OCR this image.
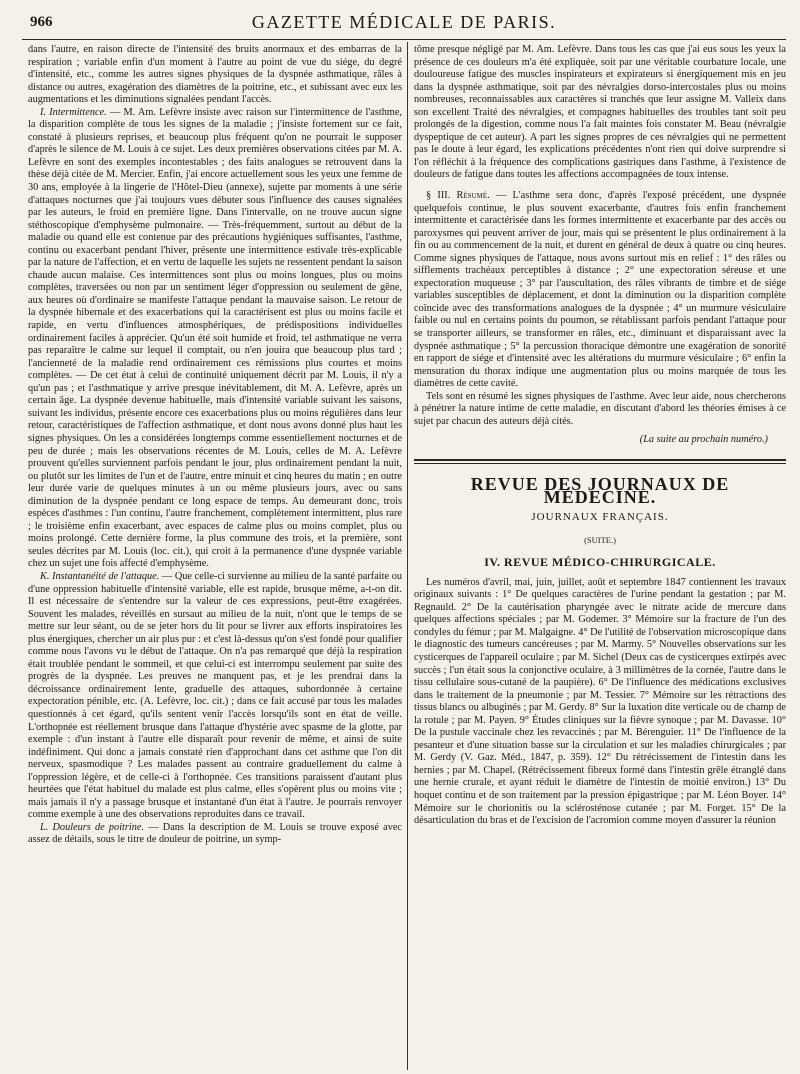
966	GAZETTE MÉDICALE DE PARIS.

dans l'autre, en raison directe de l'intensité des bruits anormaux et des embarras de la respiration ; variable enfin d'un moment à l'autre au point de vue du siége, du degré d'intensité, etc., comme les autres signes physiques de la dyspnée asthmatique, râles à distance ou autres, exagération des diamètres de la poitrine, etc., et subissant avec eux les augmentations et les diminutions signalées pendant l'accès.

I. Intermittence. — M. Am. Lefèvre insiste avec raison sur l'intermittence de l'asthme, la disparition complète de tous les signes de la maladie ; j'insiste fortement sur ce fait, constaté à plusieurs reprises, et beaucoup plus fréquent qu'on ne pourrait le supposer d'après le silence de M. Louis à ce sujet. Les deux premières observations citées par M. A. Lefèvre en sont des exemples incontestables ; des faits analogues se retrouvent dans la thèse déjà citée de M. Mercier. Enfin, j'ai encore actuellement sous les yeux une femme de 30 ans, employée à la lingerie de l'Hôtel-Dieu (annexe), sujette par moments à une série d'attaques nocturnes que j'ai toujours vues débuter sous l'influence des causes signalées par les auteurs, le froid en première ligne. Dans l'intervalle, on ne trouve aucun signe stéthoscopique d'emphysème pulmonaire. — Très-fréquemment, surtout au début de la maladie ou quand elle est contenue par des précautions hygiéniques suffisantes, l'asthme, continu ou exacerbant pendant l'hiver, présente une intermittence estivale très-explicable par la nature de l'affection, et en vertu de laquelle les sujets ne ressentent pendant la saison chaude aucun malaise. Ces intermittences sont plus ou moins longues, plus ou moins complètes, traversées ou non par un sentiment léger d'oppression ou seulement de gêne, aux heures où d'ordinaire se manifeste l'attaque pendant la mauvaise saison. Le retour de la dyspnée hibernale et des exacerbations qui la caractérisent est plus ou moins facile et rapide, en vertu d'influences atmosphériques, de prédispositions individuelles ordinairement faciles à apprécier. Qu'un été soit humide et froid, tel asthmatique ne verra pas reparaître le calme sur lequel il comptait, ou n'en jouira que beaucoup plus tard ; l'ancienneté de la maladie rend ordinairement ces rémissions plus courtes et moins complètes. — De cet état à celui de continuité uniquement décrit par M. Louis, il n'y a qu'un pas ; et l'asthmatique y arrive presque inévitablement, dit M. A. Lefèvre, après un certain âge. La dyspnée devenue habituelle, mais d'intensité variable suivant les saisons, suivant les individus, présente encore ces exacerbations plus ou moins régulières dans leur retour, caractéristiques de l'affection asthmatique, et dont nous avons donné plus haut les signes physiques. On les a considérées longtemps comme essentiellement nocturnes et de peu de durée ; mais les observations récentes de M. Louis, celles de M. A. Lefèvre prouvent qu'elles surviennent parfois pendant le jour, plus ordinairement pendant la nuit, ou plutôt sur les limites de l'un et de l'autre, entre minuit et cinq heures du matin ; en outre leur durée varie de quelques minutes à un ou même plusieurs jours, avec ou sans diminution de la dyspnée pendant ce long espace de temps. Au demeurant donc, trois espèces d'asthmes : l'un continu, l'autre franchement, complètement intermittent, plus rare ; le troisième enfin exacerbant, avec espaces de calme plus ou moins complet, plus ou moins prolongé. Cette dernière forme, la plus commune des trois, et la première, sont seules décrites par M. Louis (loc. cit.), qui croit à la permanence d'une dyspnée variable chez un sujet une fois affecté d'emphysème.

K. Instantanéité de l'attaque. — Que celle-ci survienne au milieu de la santé parfaite ou d'une oppression habituelle d'intensité variable, elle est rapide, brusque même, a-t-on dit. Il est nécessaire de s'entendre sur la valeur de ces expressions, peut-être exagérées. Souvent les malades, réveillés en sursaut au milieu de la nuit, n'ont que le temps de se mettre sur leur séant, ou de se jeter hors du lit pour se livrer aux efforts inspiratoires les plus énergiques, chercher un air plus pur : et c'est là-dessus qu'on s'est fondé pour qualifier comme nous l'avons vu le début de l'attaque. On n'a pas remarqué que déjà la respiration était troublée pendant le sommeil, et que celui-ci est interrompu seulement par suite des progrès de la dyspnée. Les preuves ne manquent pas, et je les prendrai dans la décroissance ordinairement lente, graduelle des attaques, subordonnée à certaine expectoration pénible, etc. (A. Lefèvre, loc. cit.) ; dans ce fait accusé par tous les malades questionnés à cet égard, qu'ils sentent venir l'accès lorsqu'ils sont en état de veille. L'orthopnée est réellement brusque dans l'attaque d'hystérie avec spasme de la glotte, par exemple : d'un instant à l'autre elle disparaît pour revenir de même, et ainsi de suite indéfiniment. Qui donc a jamais constaté rien d'approchant dans cet asthme que l'on dit nerveux, spasmodique ? Les malades passent au contraire graduellement du calme à l'oppression légère, et de celle-ci à l'orthopnée. Ces transitions paraissent d'autant plus heurtées que l'état habituel du malade est plus calme, elles s'opèrent plus ou moins vite ; mais jamais il n'y a passage brusque et instantané d'un état à l'autre. Je pourrais renvoyer comme exemple à une des observations reproduites dans ce travail.

L. Douleurs de poitrine. — Dans la description de M. Louis se trouve exposé avec assez de détails, sous le titre de douleur de poitrine, un symp-

tôme presque négligé par M. Am. Lefèvre. Dans tous les cas que j'ai eus sous les yeux la présence de ces douleurs m'a été expliquée, soit par une véritable courbature locale, une douloureuse fatigue des muscles inspirateurs et expirateurs si énergiquement mis en jeu dans la dyspnée asthmatique, soit par des névralgies dorso-intercostales plus ou moins nombreuses, reconnaissables aux caractères si tranchés que leur assigne M. Valleix dans son excellent Traité des névralgies, et compagnes habituelles des troubles tant soit peu prolongés de la digestion, comme nous l'a fait maintes fois constater M. Beau (névralgie dyspeptique de cet auteur). A part les signes propres de ces névralgies qui ne permettent pas le doute à leur égard, les explications précédentes n'ont rien qui doive surprendre si l'on réfléchit à la fréquence des complications gastriques dans l'asthme, à l'existence de douleurs de fatigue dans toutes les affections accompagnées de toux intense.

§ III. Résumé. — L'asthme sera donc, d'après l'exposé précédent, une dyspnée quelquefois continue, le plus souvent exacerbante, d'autres fois enfin franchement intermittente et caractérisée dans les formes intermittente et exacerbante par des accès ou paroxysmes qui peuvent arriver de jour, mais qui se présentent le plus ordinairement à la fin ou au commencement de la nuit, et durent en général de deux à quatre ou cinq heures. Comme signes physiques de l'attaque, nous avons surtout mis en relief : 1° des râles ou sifflements trachéaux perceptibles à distance ; 2° une expectoration séreuse et une expectoration muqueuse ; 3° par l'auscultation, des râles vibrants de timbre et de siége variables susceptibles de déplacement, et dont la diminution ou la disparition complète coïncide avec des transformations analogues de la dyspnée ; 4° un murmure vésiculaire faible ou nul en certains points du poumon, se rétablissant parfois pendant l'attaque pour se transporter ailleurs, se transformer en râles, etc., diminuant et disparaissant avec la dyspnée asthmatique ; 5° la percussion thoracique démontre une exagération de sonorité en rapport de siége et d'intensité avec les altérations du murmure vésiculaire ; 6° enfin la mensuration du thorax indique une augmentation plus ou moins marquée de tous les diamètres de cette cavité.

Tels sont en résumé les signes physiques de l'asthme. Avec leur aide, nous chercherons à pénétrer la nature intime de cette maladie, en discutant d'abord les théories émises à ce sujet par chacun des auteurs déjà cités.

(La suite au prochain numéro.)

REVUE DES JOURNAUX DE MÉDECINE.
JOURNAUX FRANÇAIS.
(SUITE.)
IV. REVUE MÉDICO-CHIRURGICALE.

Les numéros d'avril, mai, juin, juillet, août et septembre 1847 contiennent les travaux originaux suivants : 1° De quelques caractères de l'urine pendant la gestation ; par M. Regnauld. 2° De la cautérisation pharyngée avec le nitrate acide de mercure dans quelques affections spéciales ; par M. Godemer. 3° Mémoire sur la fracture de l'un des condyles du fémur ; par M. Malgaigne. 4° De l'utilité de l'observation microscopique dans le diagnostic des tumeurs cancéreuses ; par M. Marmy. 5° Nouvelles observations sur les cysticerques de l'appareil oculaire ; par M. Sichel (Deux cas de cysticerques extirpés avec succès ; l'un était sous la conjonctive oculaire, à 3 millimètres de la cornée, l'autre dans le tissu cellulaire sous-cutané de la paupière). 6° De l'influence des médications exclusives dans le traitement de la pneumonie ; par M. Tessier. 7° Mémoire sur les rétractions des tissus blancs ou albuginés ; par M. Gerdy. 8° Sur la luxation dite verticale ou de champ de la rotule ; par M. Payen. 9° Études cliniques sur la fièvre synoque ; par M. Davasse. 10° De la pustule vaccinale chez les revaccinés ; par M. Bérenguier. 11° De l'influence de la pesanteur et d'une situation basse sur la circulation et sur les maladies chirurgicales ; par M. Gerdy (V. Gaz. Méd., 1847, p. 359). 12° Du rétrécissement de l'intestin dans les hernies ; par M. Chapel. (Rétrécissement fibreux formé dans l'intestin grêle étranglé dans une hernie crurale, et ayant réduit le diamètre de l'intestin de moitié environ.) 13° Du hoquet continu et de son traitement par la pression épigastrique ; par M. Léon Boyer. 14° Mémoire sur le chorionitis ou la sclérosténose cutanée ; par M. Forget. 15° De la désarticulation du bras et de l'excision de l'acromion comme moyen d'assurer la réunion
